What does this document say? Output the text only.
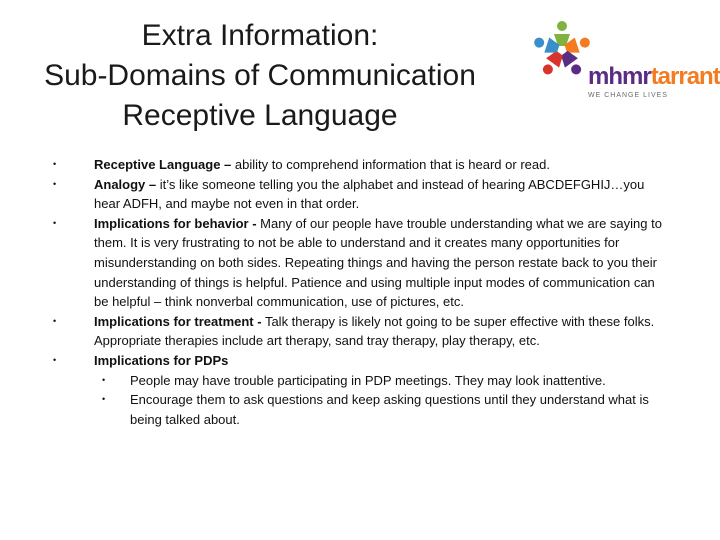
Extra Information:
Sub-Domains of Communication
Receptive Language
mhmrtarrant
WE CHANGE LIVES
•	Receptive Language – ability to comprehend information that is heard or read.
•	Analogy – it’s like someone telling you the alphabet and instead of hearing ABCDEFGHIJ…you hear ADFH, and maybe not even in that order.
•	Implications for behavior - Many of our people have trouble understanding what we are saying to them. It is very frustrating to not be able to understand and it creates many opportunities for misunderstanding on both sides. Repeating things and having the person restate back to you their understanding of things is helpful. Patience and using multiple input modes of communication can be helpful – think nonverbal communication, use of pictures, etc.
•	Implications for treatment - Talk therapy is likely not going to be super effective with these folks. Appropriate therapies include art therapy, sand tray therapy, play therapy, etc.
•	Implications for PDPs
• People may have trouble participating in PDP meetings. They may look inattentive.
• Encourage them to ask questions and keep asking questions until they understand what is being talked about.
